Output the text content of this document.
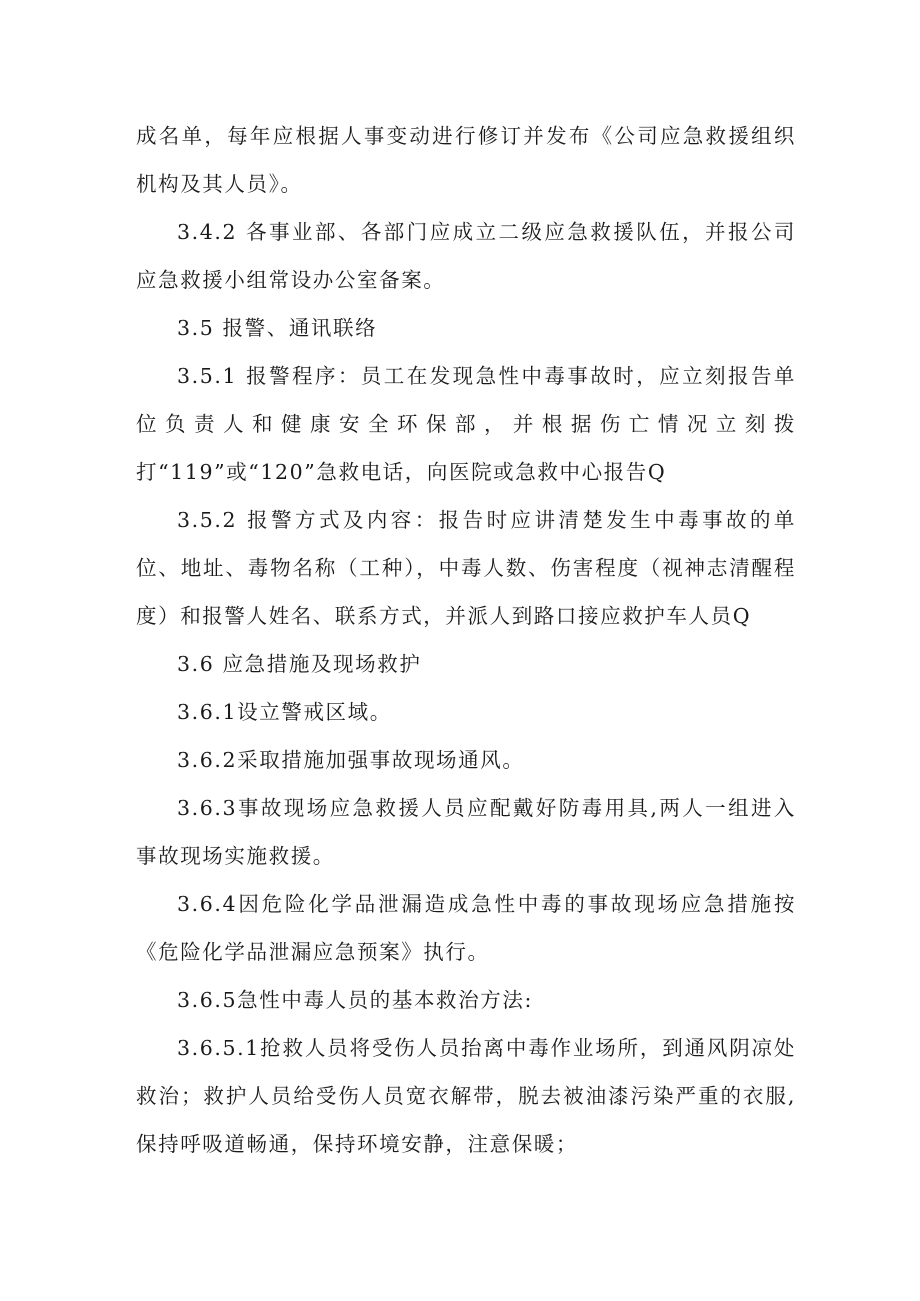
成名单，每年应根据人事变动进行修订并发布《公司应急救援组织机构及其人员》。

3.4.2 各事业部、各部门应成立二级应急救援队伍，并报公司应急救援小组常设办公室备案。

3.5 报警、通讯联络

3.5.1 报警程序：员工在发现急性中毒事故时，应立刻报告单位负责人和健康安全环保部，并根据伤亡情况立刻拨打“119”或“120”急救电话，向医院或急救中心报告Q

3.5.2 报警方式及内容：报告时应讲清楚发生中毒事故的单位、地址、毒物名称（工种），中毒人数、伤害程度（视神志清醒程度）和报警人姓名、联系方式，并派人到路口接应救护车人员Q

3.6 应急措施及现场救护

3.6.1设立警戒区域。

3.6.2采取措施加强事故现场通风。

3.6.3事故现场应急救援人员应配戴好防毒用具,两人一组进入事故现场实施救援。

3.6.4因危险化学品泄漏造成急性中毒的事故现场应急措施按《危险化学品泄漏应急预案》执行。

3.6.5急性中毒人员的基本救治方法:

3.6.5.1抢救人员将受伤人员抬离中毒作业场所，到通风阴凉处救治；救护人员给受伤人员宽衣解带，脱去被油漆污染严重的衣服,保持呼吸道畅通，保持环境安静，注意保暖；
